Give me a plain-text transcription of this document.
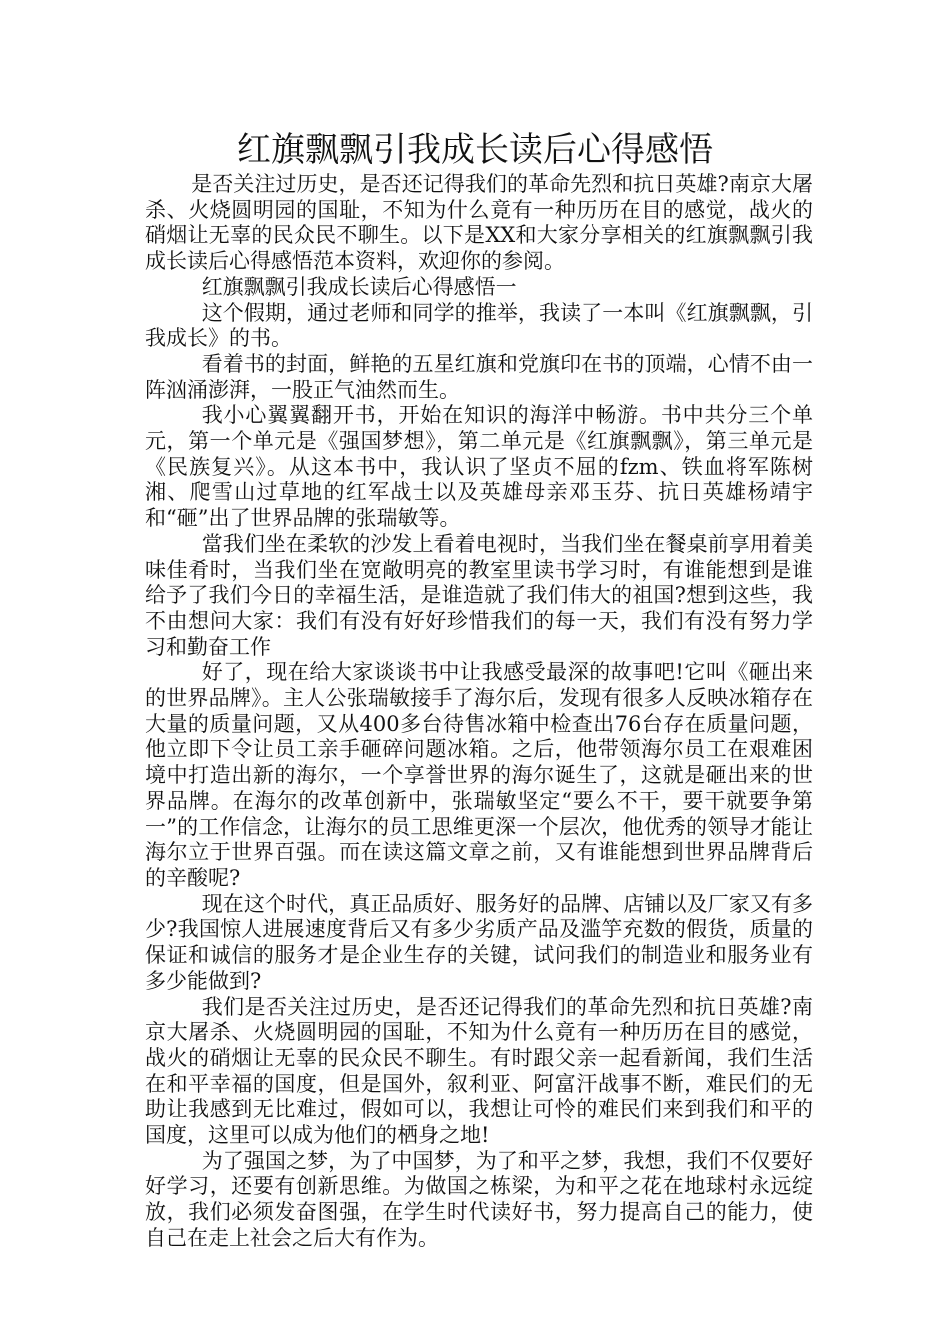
红旗飘飘引我成长读后心得感悟

是否关注过历史，是否还记得我们的革命先烈和抗日英雄?南京大屠杀、火烧圆明园的国耻，不知为什么竟有一种历历在目的感觉，战火的硝烟让无辜的民众民不聊生。以下是XX和大家分享相关的红旗飘飘引我成长读后心得感悟范本资料，欢迎你的参阅。

红旗飘飘引我成长读后心得感悟一

这个假期，通过老师和同学的推举，我读了一本叫《红旗飘飘，引我成长》的书。

看着书的封面，鲜艳的五星红旗和党旗印在书的顶端，心情不由一阵汹涌澎湃，一股正气油然而生。

我小心翼翼翻开书，开始在知识的海洋中畅游。书中共分三个单元，第一个单元是《强国梦想》，第二单元是《红旗飘飘》，第三单元是《民族复兴》。从这本书中，我认识了坚贞不屈的fzm、铁血将军陈树湘、爬雪山过草地的红军战士以及英雄母亲邓玉芬、抗日英雄杨靖宇和“砸”出了世界品牌的张瑞敏等。

當我们坐在柔软的沙发上看着电视时，当我们坐在餐桌前享用着美味佳肴时，当我们坐在宽敞明亮的教室里读书学习时，有谁能想到是谁给予了我们今日的幸福生活，是谁造就了我们伟大的祖国?想到这些，我不由想问大家：我们有没有好好珍惜我们的每一天，我们有没有努力学习和勤奋工作

好了，现在给大家谈谈书中让我感受最深的故事吧!它叫《砸出来的世界品牌》。主人公张瑞敏接手了海尔后，发现有很多人反映冰箱存在大量的质量问题，又从400多台待售冰箱中检查出76台存在质量问题，他立即下令让员工亲手砸碎问题冰箱。之后，他带领海尔员工在艰难困境中打造出新的海尔，一个享誉世界的海尔诞生了，这就是砸出来的世界品牌。在海尔的改革创新中，张瑞敏坚定“要么不干，要干就要争第一”的工作信念，让海尔的员工思维更深一个层次，他优秀的领导才能让海尔立于世界百强。而在读这篇文章之前，又有谁能想到世界品牌背后的辛酸呢?

现在这个时代，真正品质好、服务好的品牌、店铺以及厂家又有多少?我国惊人进展速度背后又有多少劣质产品及滥竽充数的假货，质量的保证和诚信的服务才是企业生存的关键，试问我们的制造业和服务业有多少能做到?

我们是否关注过历史，是否还记得我们的革命先烈和抗日英雄?南京大屠杀、火烧圆明园的国耻，不知为什么竟有一种历历在目的感觉，战火的硝烟让无辜的民众民不聊生。有时跟父亲一起看新闻，我们生活在和平幸福的国度，但是国外，叙利亚、阿富汗战事不断，难民们的无助让我感到无比难过，假如可以，我想让可怜的难民们来到我们和平的国度，这里可以成为他们的栖身之地!

为了强国之梦，为了中国梦，为了和平之梦，我想，我们不仅要好好学习，还要有创新思维。为做国之栋梁，为和平之花在地球村永远绽放，我们必须发奋图强，在学生时代读好书，努力提高自己的能力，使自己在走上社会之后大有作为。
